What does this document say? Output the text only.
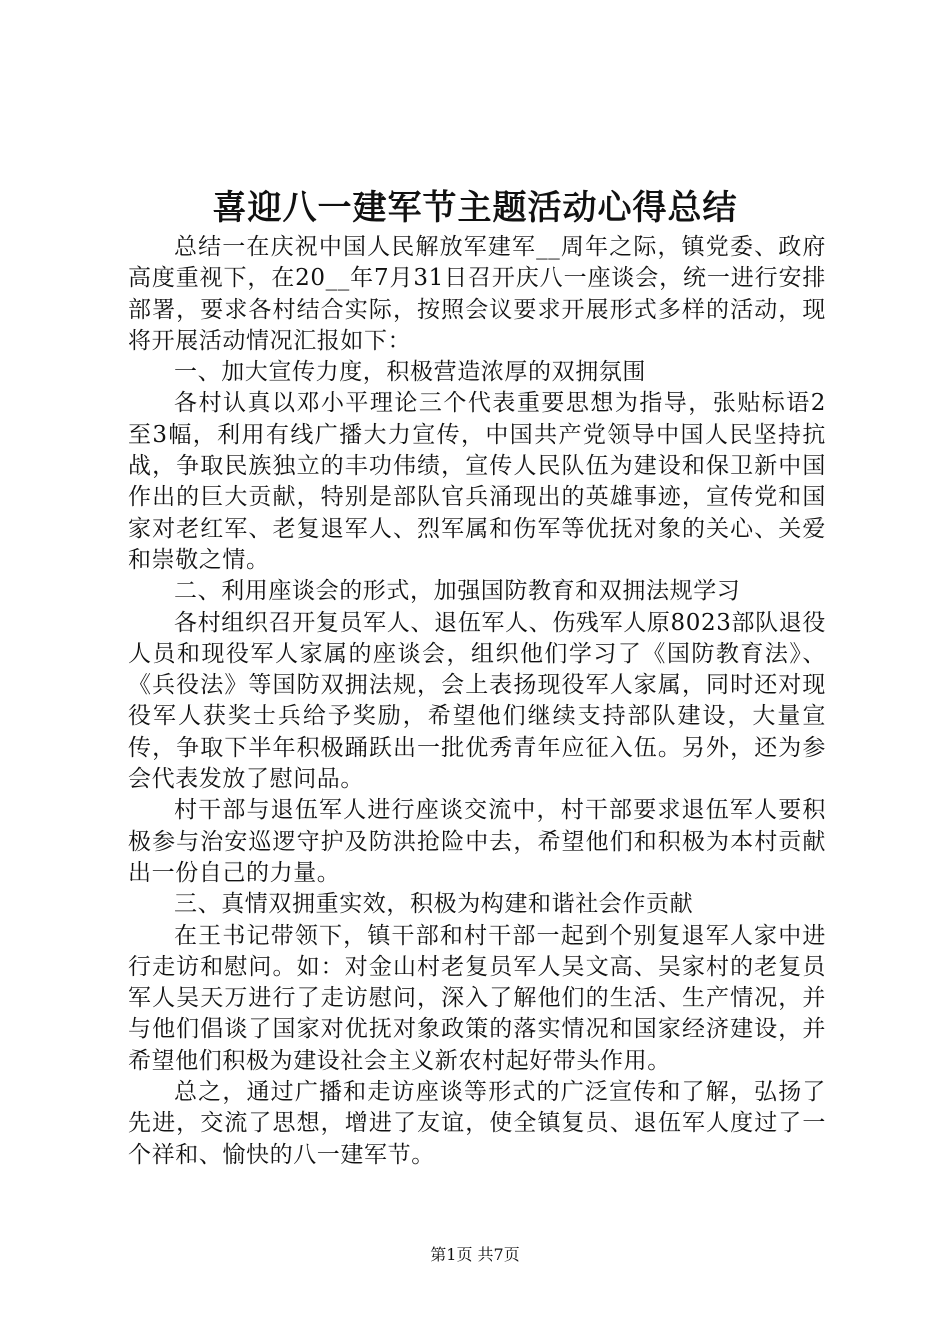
喜迎八一建军节主题活动心得总结

总结一在庆祝中国人民解放军建军__周年之际，镇党委、政府高度重视下，在20__年7月31日召开庆八一座谈会，统一进行安排部署，要求各村结合实际，按照会议要求开展形式多样的活动，现将开展活动情况汇报如下：

一、加大宣传力度，积极营造浓厚的双拥氛围

各村认真以邓小平理论三个代表重要思想为指导，张贴标语2至3幅，利用有线广播大力宣传，中国共产党领导中国人民坚持抗战，争取民族独立的丰功伟绩，宣传人民队伍为建设和保卫新中国作出的巨大贡献，特别是部队官兵涌现出的英雄事迹，宣传党和国家对老红军、老复退军人、烈军属和伤军等优抚对象的关心、关爱和崇敬之情。

二、利用座谈会的形式，加强国防教育和双拥法规学习

各村组织召开复员军人、退伍军人、伤残军人原8023部队退役人员和现役军人家属的座谈会，组织他们学习了《国防教育法》、《兵役法》等国防双拥法规，会上表扬现役军人家属，同时还对现役军人获奖士兵给予奖励，希望他们继续支持部队建设，大量宣传，争取下半年积极踊跃出一批优秀青年应征入伍。另外，还为参会代表发放了慰问品。

村干部与退伍军人进行座谈交流中，村干部要求退伍军人要积极参与治安巡逻守护及防洪抢险中去，希望他们和积极为本村贡献出一份自己的力量。

三、真情双拥重实效，积极为构建和谐社会作贡献

在王书记带领下，镇干部和村干部一起到个别复退军人家中进行走访和慰问。如：对金山村老复员军人吴文高、吴家村的老复员军人吴天万进行了走访慰问，深入了解他们的生活、生产情况，并与他们倡谈了国家对优抚对象政策的落实情况和国家经济建设，并希望他们积极为建设社会主义新农村起好带头作用。

总之，通过广播和走访座谈等形式的广泛宣传和了解，弘扬了先进，交流了思想，增进了友谊，使全镇复员、退伍军人度过了一个祥和、愉快的八一建军节。

第1页 共7页
